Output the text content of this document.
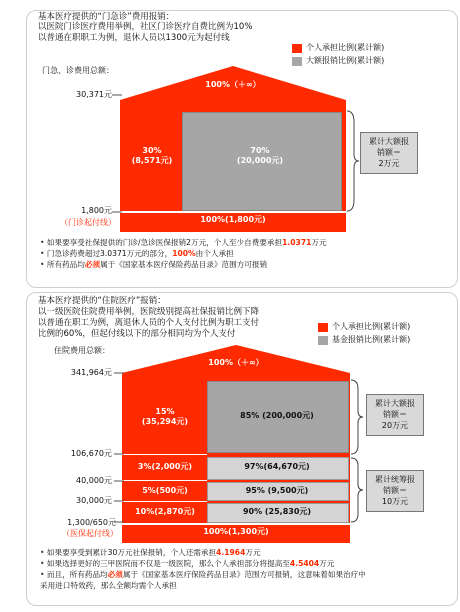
基本医疗提供的“门急诊”费用报销：
以医院门诊医疗费用举例，社区门诊医疗自费比例为10%
以普通在职职工为例，退休人员以1300元为起付线
个人承担比例(累计额)
大额报销比例(累计额)
门急、诊费用总额：
100%（＋∞）
30%
(8,571元)
70%
(20,000元)
100%(1,800元)
30,371元
1,800元
（门诊起付线）
累计大额报
销额＝
2万元
• 如果要享受社保提供的门诊/急诊医保报销2万元，个人至少自费要承担1.0371万元
• 门急诊药费超过3.0371万元的部分，100%由个人承担
• 所有药品均必须属于《国家基本医疗保险药品目录》范围方可报销
基本医疗提供的“住院医疗”报销：
以一级医院住院费用举例，医院级别提高社保报销比例下降
以普通在职工为例，离退休人员的个人支付比例为职工支付
比例的60%，但起付线以下的部分相同均为个人支付
个人承担比例(累计额)
基金报销比例(累计额)
住院费用总额：
100%（＋∞）
15%
(35,294元)
85% (200,000元)
3%(2,000元)	97%(64,670元)
5%(500元)	95% (9,500元)
10%(2,870元)	90% (25,830元)
100%(1,300元)
341,964元
106,670元
40,000元
30,000元
1,300/650元
（医保起付线）
累计大额报
销额＝
20万元
累计统筹报
销额＝
10万元
• 如果要享受到累计30万元社保报销，个人还需承担4.1964万元
• 如果选择更好的三甲医院而不仅是一级医院，那么个人承担部分将提高至4.5404万元
• 而且，所有药品均必须属于《国家基本医疗保险药品目录》范围方可报销，这意味着如果治疗中
采用进口特效药，那么全额均需个人承担
